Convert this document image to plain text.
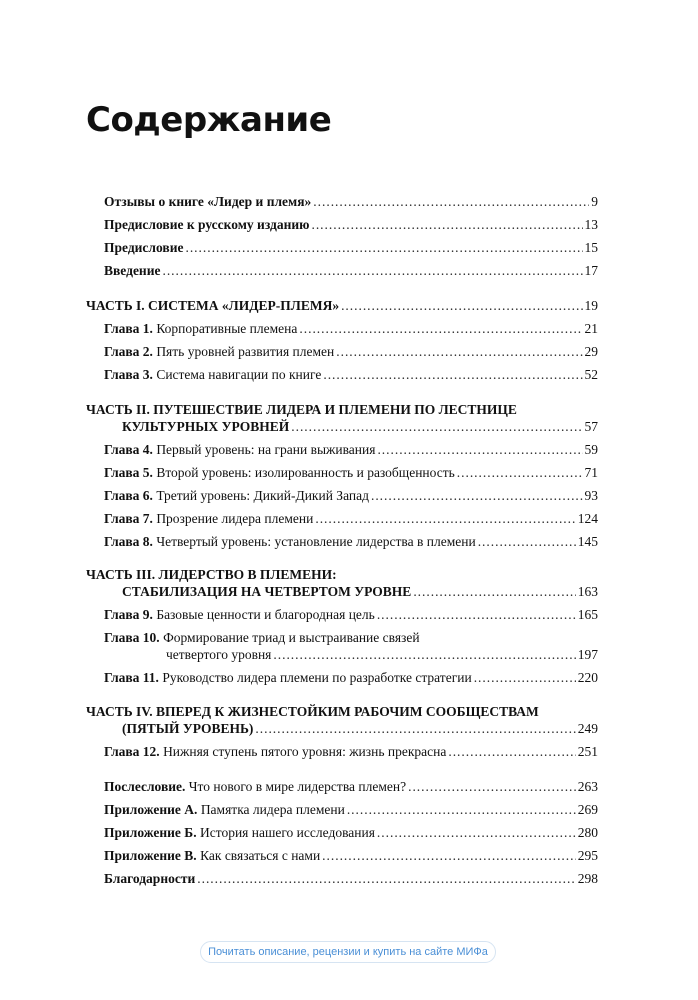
Содержание
Отзывы о книге «Лидер и племя» . . .	9
Предисловие к русскому изданию . . .	13
Предисловие . . .	15
Введение . . .	17
ЧАСТЬ I. СИСТЕМА «ЛИДЕР-ПЛЕМЯ» . . .	19
Глава 1. Корпоративные племена . . .	21
Глава 2. Пять уровней развития племен . . .	29
Глава 3. Система навигации по книге . . .	52
ЧАСТЬ II. ПУТЕШЕСТВИЕ ЛИДЕРА И ПЛЕМЕНИ ПО ЛЕСТНИЦЕ
КУЛЬТУРНЫХ УРОВНЕЙ . . .	57
Глава 4. Первый уровень: на грани выживания . . .	59
Глава 5. Второй уровень: изолированность и разобщенность . . .	71
Глава 6. Третий уровень: Дикий-Дикий Запад . . .	93
Глава 7. Прозрение лидера племени . . .	124
Глава 8. Четвертый уровень: установление лидерства в племени . . .	145
ЧАСТЬ III. ЛИДЕРСТВО В ПЛЕМЕНИ:
СТАБИЛИЗАЦИЯ НА ЧЕТВЕРТОМ УРОВНЕ . . .	163
Глава 9. Базовые ценности и благородная цель . . .	165
Глава 10. Формирование триад и выстраивание связей
четвертого уровня . . .	197
Глава 11. Руководство лидера племени по разработке стратегии . . .	220
ЧАСТЬ IV. ВПЕРЕД К ЖИЗНЕСТОЙКИМ РАБОЧИМ СООБЩЕСТВАМ
(ПЯТЫЙ УРОВЕНЬ) . . .	249
Глава 12. Нижняя ступень пятого уровня: жизнь прекрасна . . .	251
Послесловие. Что нового в мире лидерства племен? . . .	263
Приложение А. Памятка лидера племени . . .	269
Приложение Б. История нашего исследования . . .	280
Приложение В. Как связаться с нами . . .	295
Благодарности . . .	298
Почитать описание, рецензии и купить на сайте МИФа
